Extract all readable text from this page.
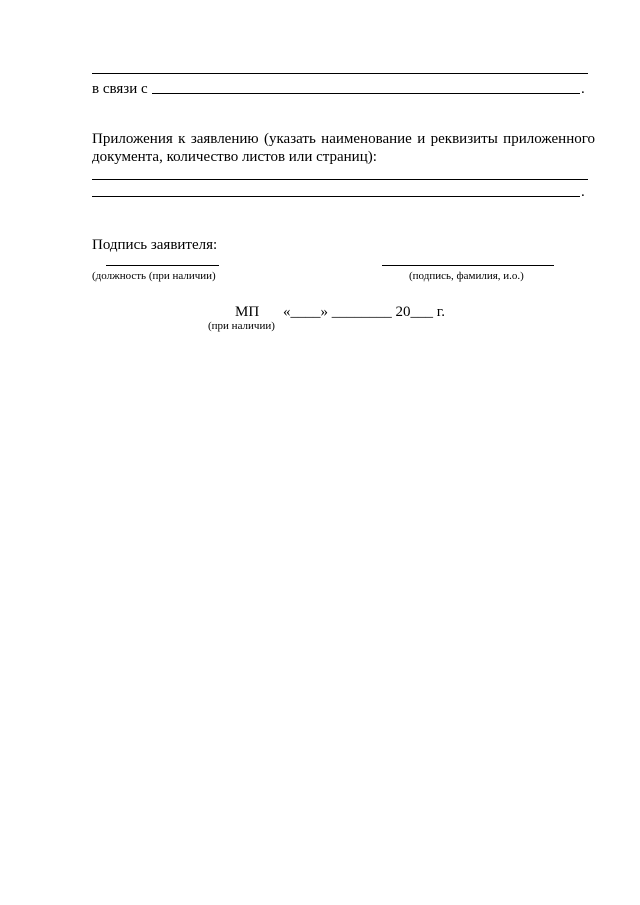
в связи с	.
Приложения к заявлению (указать наименование и реквизиты приложенного
документа, количество листов или страниц):
.
Подпись заявителя:
(должность (при наличии)	(подпись, фамилия, и.о.)
МП «____» ________ 20___ г.
(при наличии)
